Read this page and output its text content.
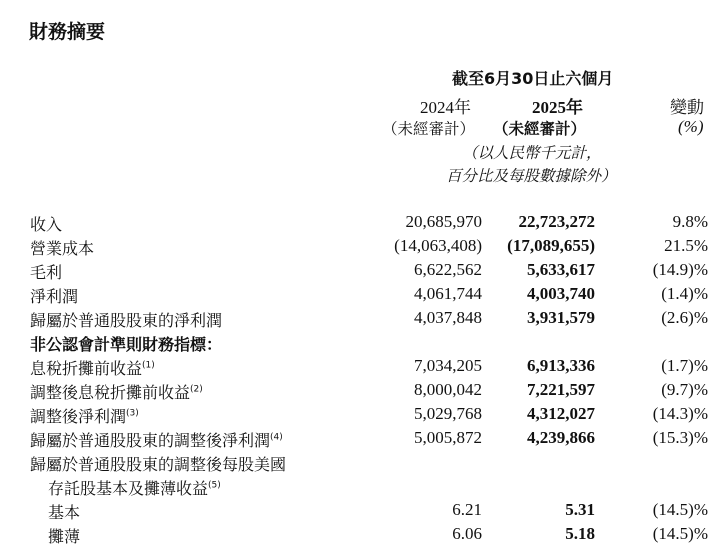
財務摘要
截至6月30日止六個月
2024年	2025年	變動
（未經審計） （未經審計）	(%)
（以人民幣千元計，
百分比及每股數據除外）
收入	20,685,970 22,723,272	9.8%
營業成本	(14,063,408) (17,089,655)	21.5%
毛利	6,622,562	5,633,617	(14.9)%
淨利潤	4,061,744	4,003,740	(1.4)%
歸屬於普通股股東的淨利潤	4,037,848	3,931,579	(2.6)%
非公認會計準則財務指標：
息稅折攤前收益$^{(1)}$	7,034,205	6,913,336	(1.7)%
調整後息稅折攤前收益$^{(2)}$	8,000,042	7,221,597	(9.7)%
調整後淨利潤$^{(3)}$	5,029,768	4,312,027	(14.3)%
歸屬於普通股股東的調整後淨利潤$^{(4)}$	5,005,872	4,239,866	(15.3)%
歸屬於普通股股東的調整後每股美國
存託股基本及攤薄收益$^{(5)}$
基本	6.21	5.31	(14.5)%
攤薄	6.06	5.18	(14.5)%
